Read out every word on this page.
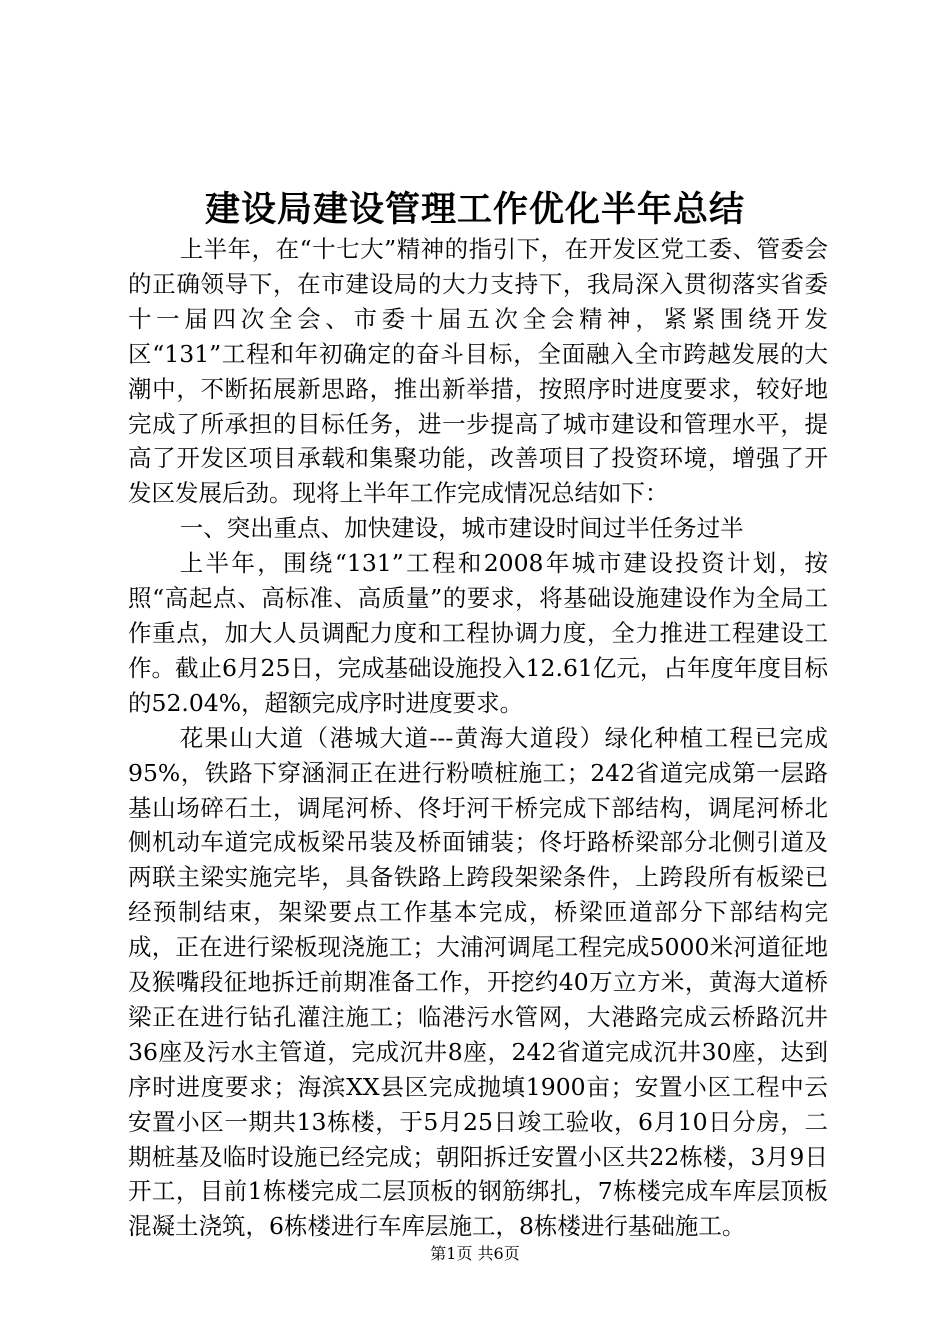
建设局建设管理工作优化半年总结

上半年，在“十七大”精神的指引下，在开发区党工委、管委会的正确领导下，在市建设局的大力支持下，我局深入贯彻落实省委十一届四次全会、市委十届五次全会精神，紧紧围绕开发区“131”工程和年初确定的奋斗目标，全面融入全市跨越发展的大潮中，不断拓展新思路，推出新举措，按照序时进度要求，较好地完成了所承担的目标任务，进一步提高了城市建设和管理水平，提高了开发区项目承载和集聚功能，改善项目了投资环境，增强了开发区发展后劲。现将上半年工作完成情况总结如下：

一、突出重点、加快建设，城市建设时间过半任务过半

上半年，围绕“131”工程和2008年城市建设投资计划，按照“高起点、高标准、高质量”的要求，将基础设施建设作为全局工作重点，加大人员调配力度和工程协调力度，全力推进工程建设工作。截止6月25日，完成基础设施投入12.61亿元，占年度年度目标的52.04%，超额完成序时进度要求。

花果山大道（港城大道---黄海大道段）绿化种植工程已完成95%，铁路下穿涵洞正在进行粉喷桩施工；242省道完成第一层路基山场碎石土，调尾河桥、佟圩河干桥完成下部结构，调尾河桥北侧机动车道完成板梁吊装及桥面铺装；佟圩路桥梁部分北侧引道及两联主梁实施完毕，具备铁路上跨段架梁条件，上跨段所有板梁已经预制结束，架梁要点工作基本完成，桥梁匝道部分下部结构完成，正在进行梁板现浇施工；大浦河调尾工程完成5000米河道征地及猴嘴段征地拆迁前期准备工作，开挖约40万立方米，黄海大道桥梁正在进行钻孔灌注施工；临港污水管网，大港路完成云桥路沉井36座及污水主管道，完成沉井8座，242省道完成沉井30座，达到序时进度要求；海滨XX县区完成抛填1900亩；安置小区工程中云安置小区一期共13栋楼，于5月25日竣工验收，6月10日分房，二期桩基及临时设施已经完成；朝阳拆迁安置小区共22栋楼，3月9日开工，目前1栋楼完成二层顶板的钢筋绑扎，7栋楼完成车库层顶板混凝土浇筑，6栋楼进行车库层施工，8栋楼进行基础施工。

第1页 共6页
